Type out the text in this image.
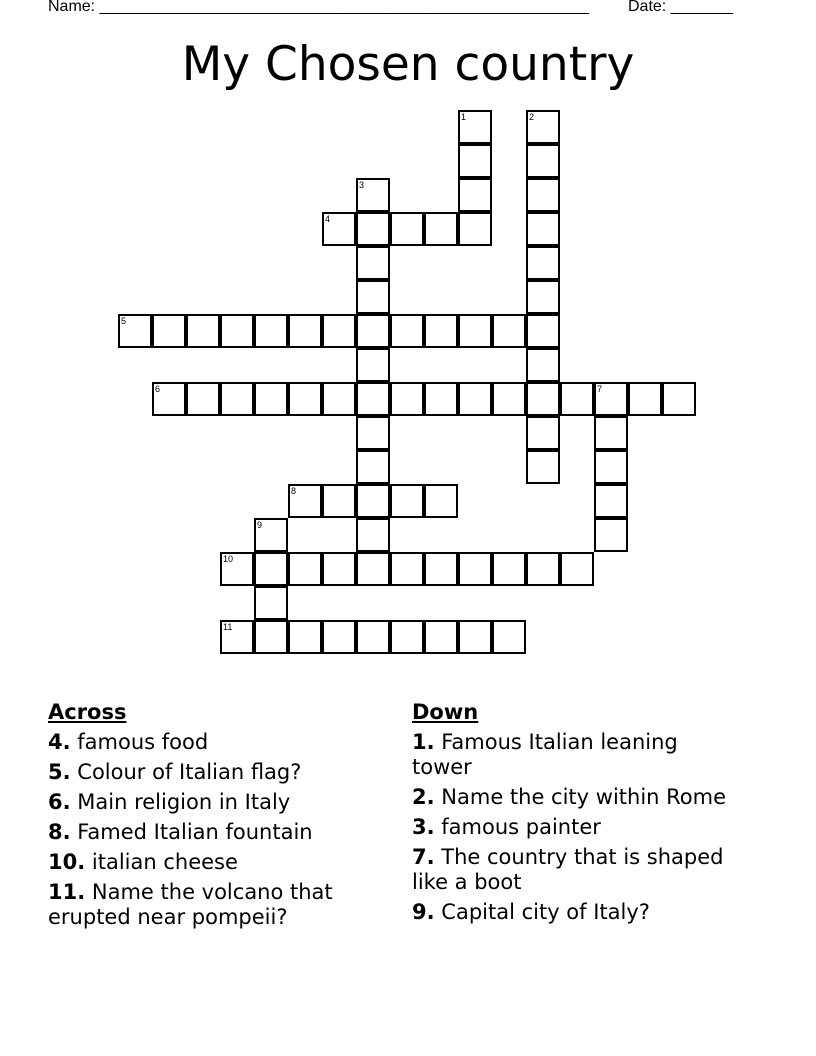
Name: _______________________________________________________ Date: _______
My Chosen country
1	2
3
4
5
6	7
8
9
10
11
Across
4. famous food
5. Colour of Italian flag?
6. Main religion in Italy
8. Famed Italian fountain
10. italian cheese
11. Name the volcano that erupted near pompeii?
Down
1. Famous Italian leaning tower
2. Name the city within Rome
3. famous painter
7. The country that is shaped like a boot
9. Capital city of Italy?
